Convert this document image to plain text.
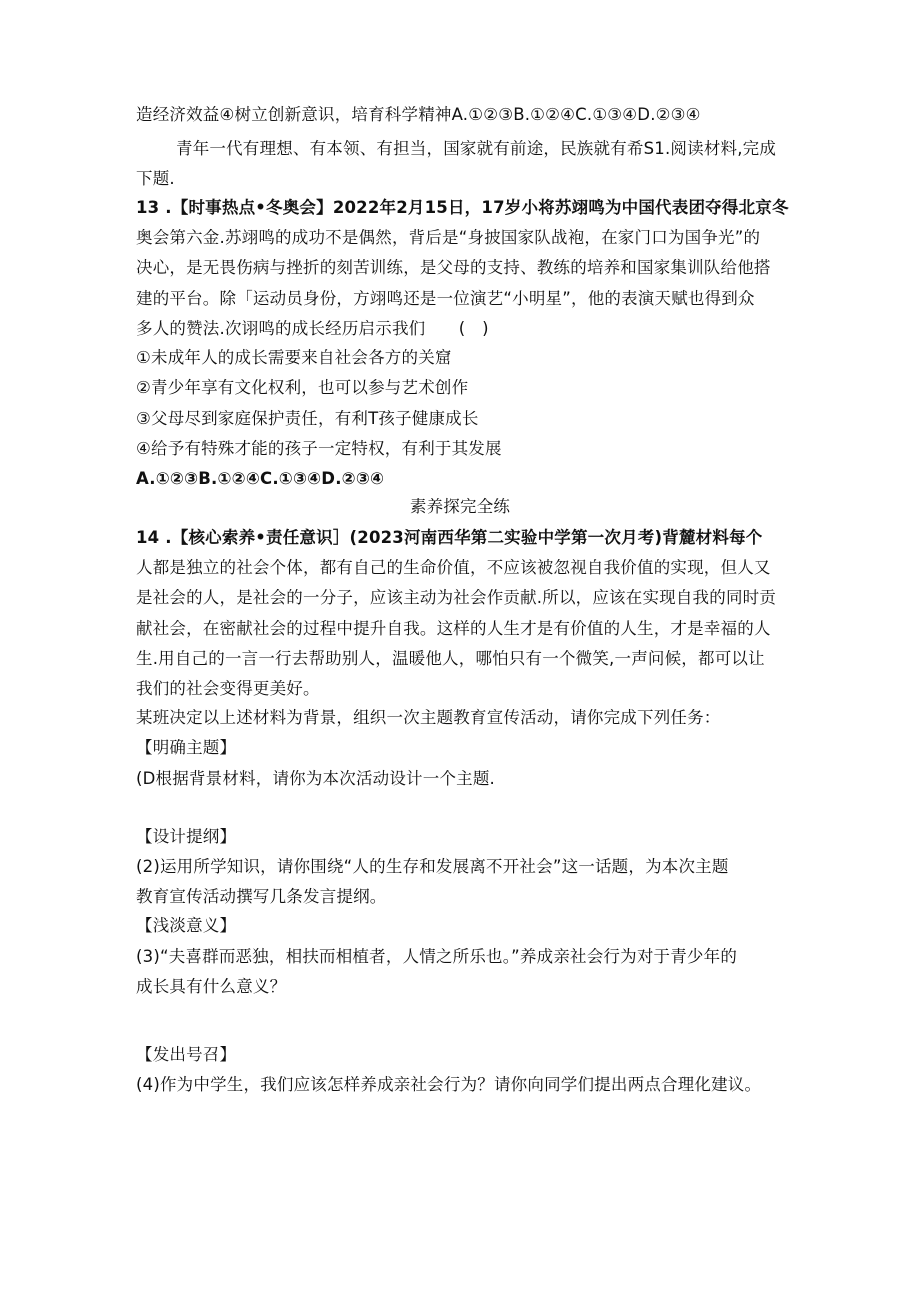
造经济效益④树立创新意识，培育科学精神A.①②③B.①②④C.①③④D.②③④
青年一代有理想、有本领、有担当，国家就有前途，民族就有希S1.阅读材料,完成
下题.
13 .【时事热点•冬奥会】2022年2月15日，17岁小将苏翊鸣为中国代表团夺得北京冬
奥会第六金.苏翊鸣的成功不是偶然，背后是“身披国家队战袍，在家门口为国争光”的
决心，是无畏伤病与挫折的刻苦训练，是父母的支持、教练的培养和国家集训队给他搭
建的平台。除「运动员身份，方翊鸣还是一位演艺“小明星”，他的表演天赋也得到众
多人的赞法.次诩鸣的成长经历启示我们　　(　)
①未成年人的成长需要来自社会各方的关窟
②青少年享有文化权利，也可以参与艺术创作
③父母尽到家庭保护责任，有利T孩子健康成长
④给予有特殊才能的孩子一定特权，有利于其发展
A.①②③B.①②④C.①③④D.②③④
素养探完全练
14 .【核心索养•责任意识］(2023河南西华第二实验中学第一次月考)背麓材料每个
人都是独立的社会个体，都有自己的生命价值，不应该被忽视自我价值的实现，但人又
是社会的人，是社会的一分子，应该主动为社会作贡献.所以，应该在实现自我的同时贡
献社会，在密献社会的过程中提升自我。这样的人生才是有价值的人生，才是幸福的人
生.用自己的一言一行去帮助别人，温暖他人，哪怕只有一个微笑,一声问候，都可以让
我们的社会变得更美好。
某班决定以上述材料为背景，组织一次主题教育宣传活动，请你完成下列任务：
【明确主题】
(D根据背景材料，请你为本次活动设计一个主题.
【设计提纲】
(2)运用所学知识，请你围绕“人的生存和发展离不开社会”这一话题，为本次主题
教育宣传活动撰写几条发言提纲。
【浅淡意义】
(3)“夫喜群而恶独，相扶而相植者，人情之所乐也。”养成亲社会行为对于青少年的
成长具有什么意义？
【发出号召】
(4)作为中学生，我们应该怎样养成亲社会行为？请你向同学们提出两点合理化建议。
